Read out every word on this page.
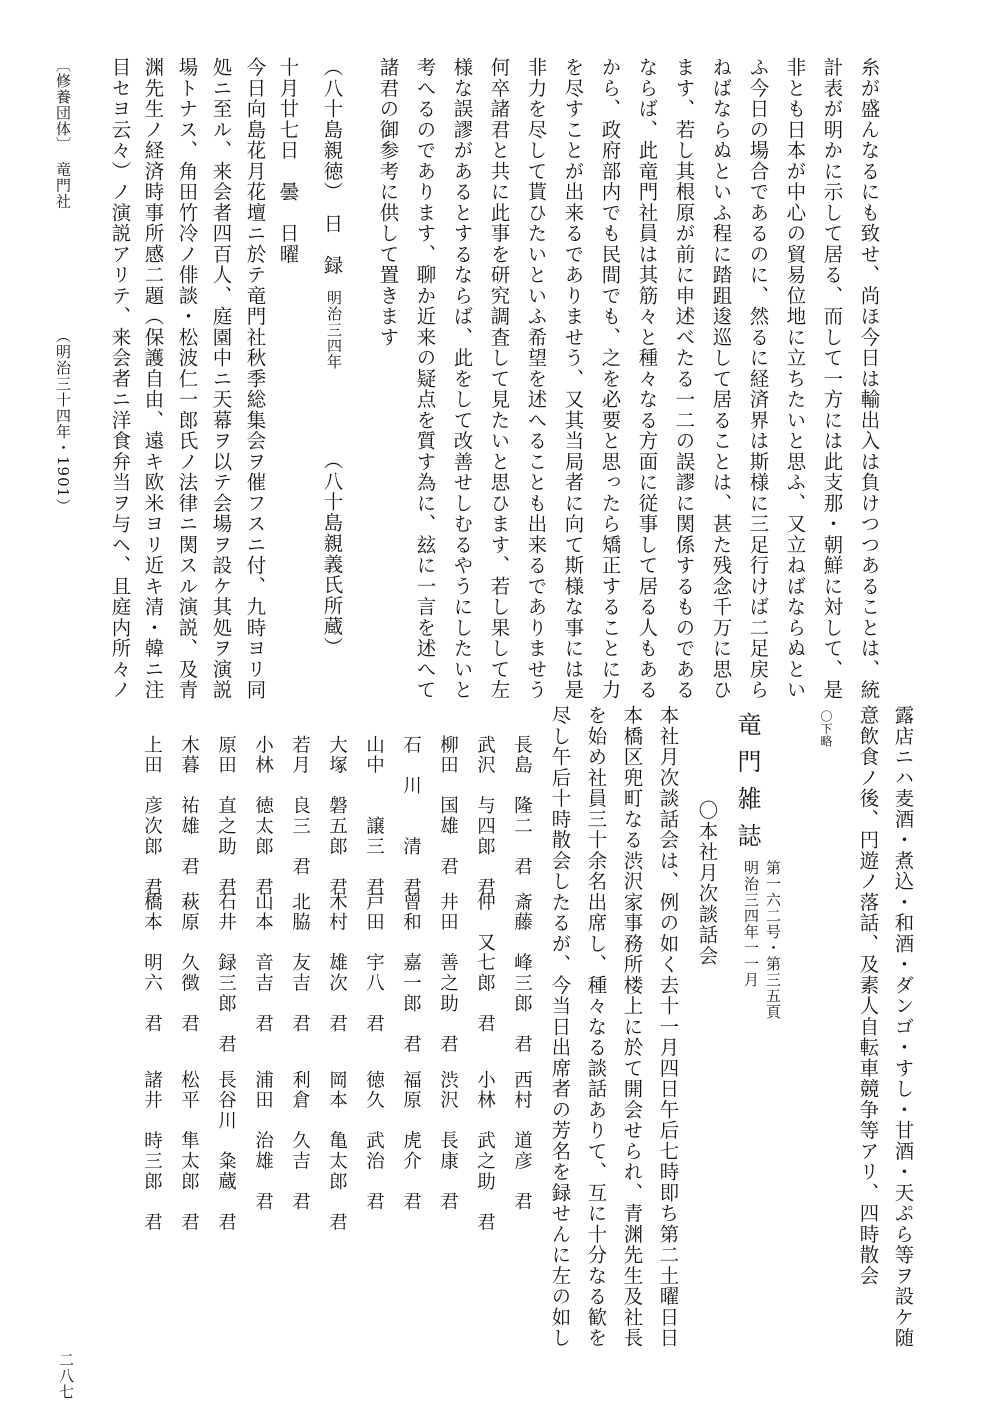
糸が盛んなるにも致せ、尚ほ今日は輸出入は負けつつあることは、統
計表が明かに示して居る、而して一方には此支那・朝鮮に対して、是
非とも日本が中心の貿易位地に立ちたいと思ふ、又立ねばならぬとい
ふ今日の場合であるのに、然るに経済界は斯様に三足行けば二足戻ら
ねばならぬといふ程に踏跙逡巡して居ることは、甚た残念千万に思ひ
ます、若し其根原が前に申述べたる一二の誤謬に関係するものである
ならば、此竜門社員は其筋々と種々なる方面に従事して居る人もある
から、政府部内でも民間でも、之を必要と思ったら矯正することに力
を尽すことが出来るでありませう、又其当局者に向て斯様な事には是
非力を尽して貰ひたいといふ希望を述へることも出来るでありませう
何卒諸君と共に此事を研究調査して見たいと思ひます、若し果して左
様な誤謬があるとするならば、此をして改善せしむるやうにしたいと
考へるのであります、聊か近来の疑点を質す為に、玆に一言を述へて
諸君の御参考に供して置きます
（八十島親徳）　日　録
明治三四年
（八十島親義氏所蔵）
十月廿七日　曇　日曜
今日向島花月花壇ニ於テ竜門社秋季総集会ヲ催フスニ付、九時ヨリ同
処ニ至ル、来会者四百人、庭園中ニ天幕ヲ以テ会場ヲ設ケ其処ヲ演説
場トナス、角田竹冷ノ俳談・松波仁一郎氏ノ法律ニ関スル演説、及青
渊先生ノ経済時事所感二題（保護自由、遠キ欧米ヨリ近キ清・韓ニ注
目セヨ云々）ノ演説アリテ、来会者ニ洋食弁当ヲ与ヘ、且庭内所々ノ
露店ニハ麦酒・煮込・和酒・ダンゴ・すし・甘酒・天ぷら等ヲ設ケ随
意飲食ノ後、円遊ノ落話、及素人自転車競争等アリ、四時散会
〇下略
竜門雑誌
第一六二号・第三五頁
明治三四年一一月
〇本社月次談話会
本社月次談話会は、例の如く去十一月四日午后七時即ち第二土曜日日
本橋区兜町なる渋沢家事務所楼上に於て開会せられ、青渊先生及社長
を始め社員三十余名出席し、種々なる談話ありて、互に十分なる歓を
尽し午后十時散会したるが、今当日出席者の芳名を録せんに左の如し
長島　隆二　君
斎藤　峰三郎　君
西村　道彦　君
武沢　与四郎　君
仲　又七郎　君
小林　武之助　君
柳田　国雄　君
井田　善之助　君
渋沢　長康　君
石　川　　清　君
曾和　嘉一郎　君
福原　虎介　君
山中　　譲三　君
戸田　宇八　君
徳久　武治　君
大塚　磐五郎　君
木村　雄次　君
岡本　亀太郎　君
若月　良三　君
北脇　友吉　君
利倉　久吉　君
小林　徳太郎　君
山本　音吉　君
浦田　治雄　君
原田　直之助　君
石井　録三郎　君
長谷川　粂蔵　君
木暮　祐雄　君
萩原　久徴　君
松平　隼太郎　君
上田　彦次郎　君
橋本　明六　君
諸井　時三郎　君
〔修養団体〕　竜門社
（明治三十四年・1901）
二八七
